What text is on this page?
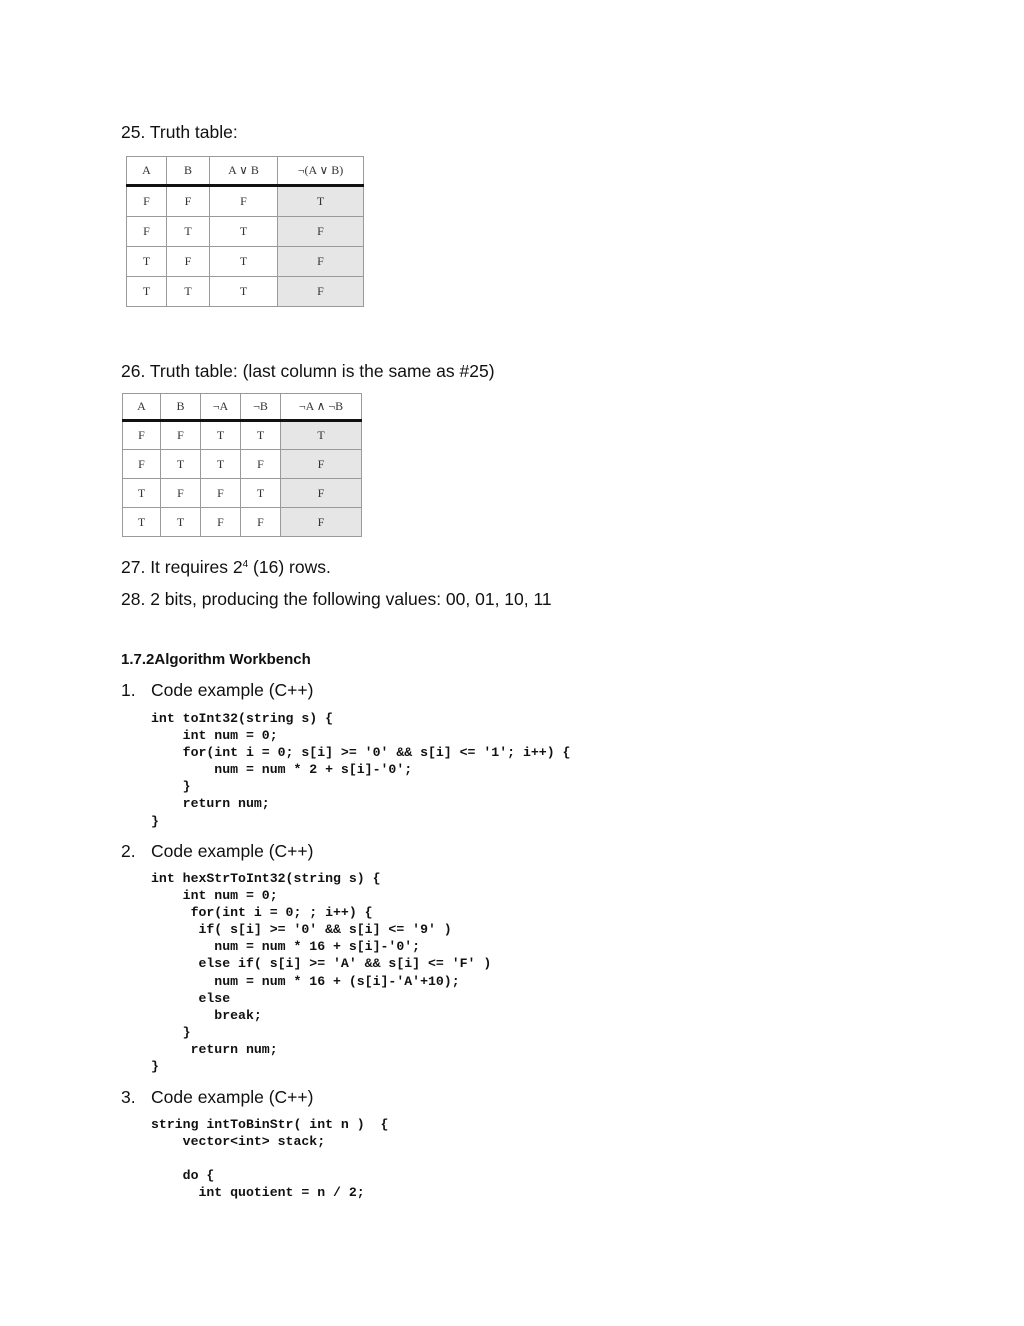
25. Truth table:
A	B	A ∨ B	¬(A ∨ B)
F	F	F	T
F	T	T	F
T	F	T	F
T	T	T	F
26. Truth table: (last column is the same as #25)
A	B	¬A	¬B	¬A ∧ ¬B
F	F	T	T	T
F	T	T	F	F
T	F	F	T	F
T	T	F	F	F
27. It requires $2^4$ (16) rows.
28. 2 bits, producing the following values: 00, 01, 10, 11
1.7.2Algorithm Workbench
1. Code example (C++)
int toInt32(string s) {
int num = 0;
for(int i = 0; s[i] >= '0' && s[i] <= '1'; i++) {
num = num * 2 + s[i]-'0';
}
return num;
}
2. Code example (C++)
int hexStrToInt32(string s) {
int num = 0;
for(int i = 0; ; i++) {
if( s[i] >= '0' && s[i] <= '9' )
num = num * 16 + s[i]-'0';
else if( s[i] >= 'A' && s[i] <= 'F' )
num = num * 16 + (s[i]-'A'+10);
else
break;
}
return num;
}
3. Code example (C++)
string intToBinStr( int n )  {
vector<int> stack;

do {
int quotient = n / 2;
